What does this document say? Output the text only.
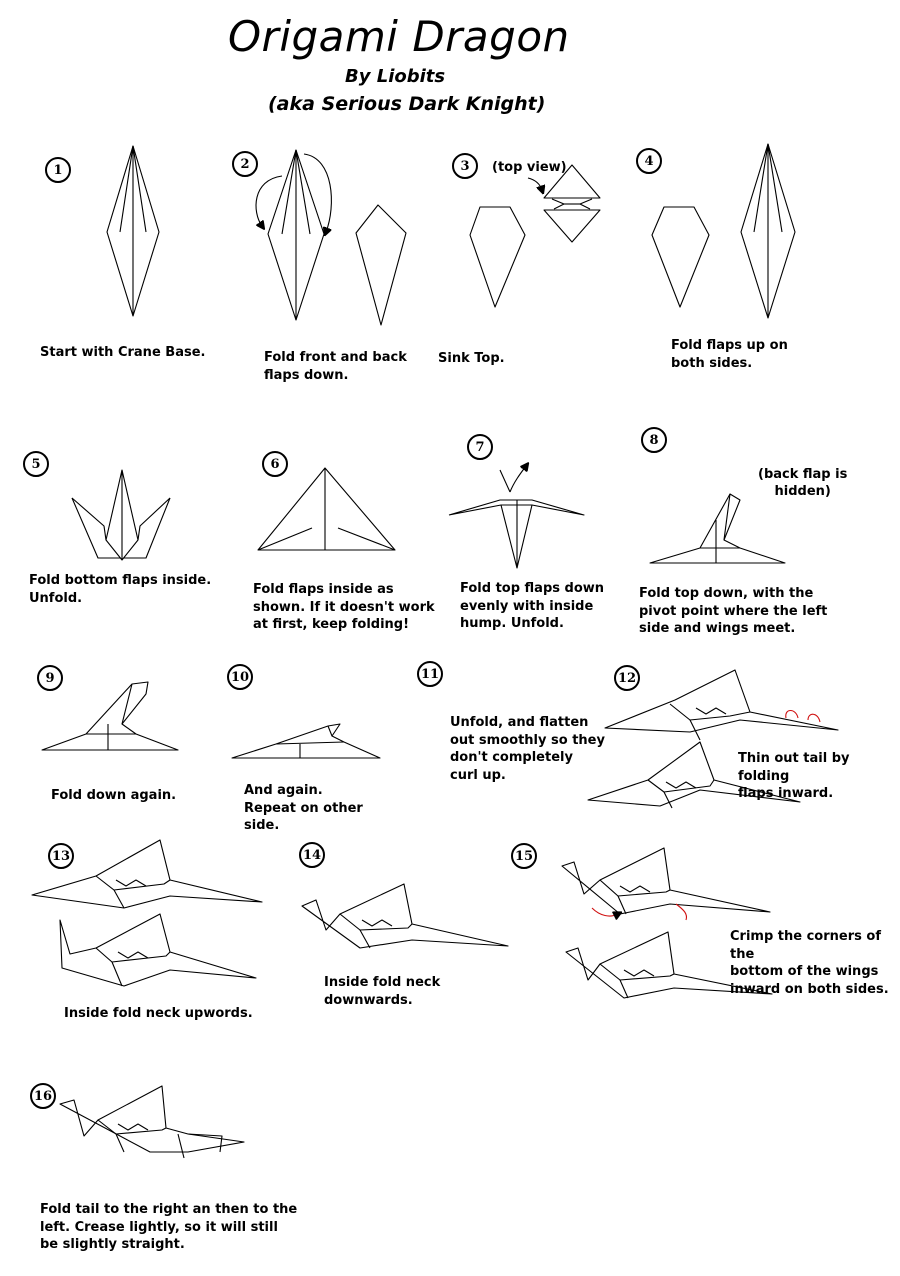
Origami Dragon
By Liobits
(aka Serious Dark Knight)
1	2	3	4
5	6
7	8
9	10	11	12
13	14	15
16
(top view)
(back flap is
hidden)
Start with Crane Base.	Fold front and back
flaps down.
Sink Top.
Fold flaps up on
both sides.
Fold bottom flaps inside.
Unfold.
Fold flaps inside as
shown. If it doesn't work
at first, keep folding!
Fold top flaps down
evenly with inside
hump. Unfold.
Fold top down, with the
pivot point where the left
side and wings meet.
Fold down again.	And again.
Repeat on other
side.
Unfold, and flatten
out smoothly so they
don't completely
curl up.
Thin out tail by folding
flaps inward.
Inside fold neck upwords.
Inside fold neck
downwards.
Crimp the corners of the
bottom of the wings
inward on both sides.
Fold tail to the right an then to the
left. Crease lightly, so it will still
be slightly straight.
